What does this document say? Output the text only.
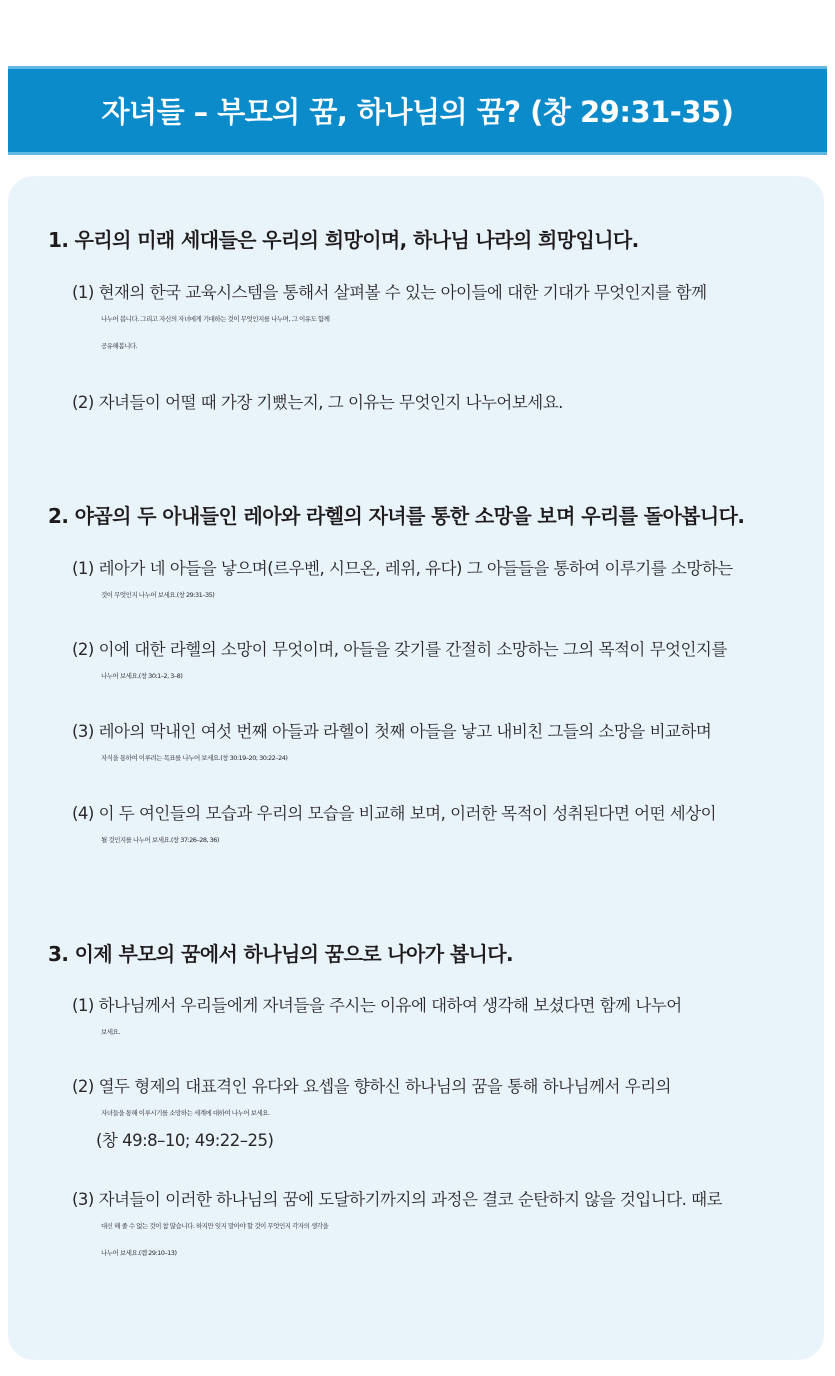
자녀들 – 부모의 꿈, 하나님의 꿈? (창 29:31-35)
1. 우리의 미래 세대들은 우리의 희망이며, 하나님 나라의 희망입니다.
(1) 현재의 한국 교육시스템을 통해서 살펴볼 수 있는 아이들에 대한 기대가 무엇인지를 함께
나누어 봅니다. 그리고 자신의 자녀에게 기대하는 것이 무엇인지를 나누며, 그 이유도 함께
공유해봅니다.
(2) 자녀들이 어떨 때 가장 기뻤는지, 그 이유는 무엇인지 나누어보세요.
2. 야곱의 두 아내들인 레아와 라헬의 자녀를 통한 소망을 보며 우리를 돌아봅니다.
(1) 레아가 네 아들을 낳으며(르우벤, 시므온, 레위, 유다) 그 아들들을 통하여 이루기를 소망하는
것이 무엇인지 나누어 보세요.(창 29:31–35)
(2) 이에 대한 라헬의 소망이 무엇이며, 아들을 갖기를 간절히 소망하는 그의 목적이 무엇인지를
나누어 보세요.(창 30:1–2, 3–8)
(3) 레아의 막내인 여섯 번째 아들과 라헬이 첫째 아들을 낳고 내비친 그들의 소망을 비교하며
자식을 통하여 이루려는 목표를 나누어 보세요.(창 30:19–20; 30:22–24)
(4) 이 두 여인들의 모습과 우리의 모습을 비교해 보며, 이러한 목적이 성취된다면 어떤 세상이
될 것인지를 나누어 보세요.(창 37:26–28, 36)
3. 이제 부모의 꿈에서 하나님의 꿈으로 나아가 봅니다.
(1) 하나님께서 우리들에게 자녀들을 주시는 이유에 대하여 생각해 보셨다면 함께 나누어
보세요.
(2) 열두 형제의 대표격인 유다와 요셉을 향하신 하나님의 꿈을 통해 하나님께서 우리의
자녀들을 통해 이루시기를 소망하는 세계에 대하여 나누어 보세요.
(창 49:8–10; 49:22–25)
(3) 자녀들이 이러한 하나님의 꿈에 도달하기까지의 과정은 결코 순탄하지 않을 것입니다. 때로
대신 해 줄 수 없는 것이 참 많습니다. 하지만 잊지 말아야 할 것이 무엇인지 각자의 생각을
나누어 보세요.(렘 29:10–13)
